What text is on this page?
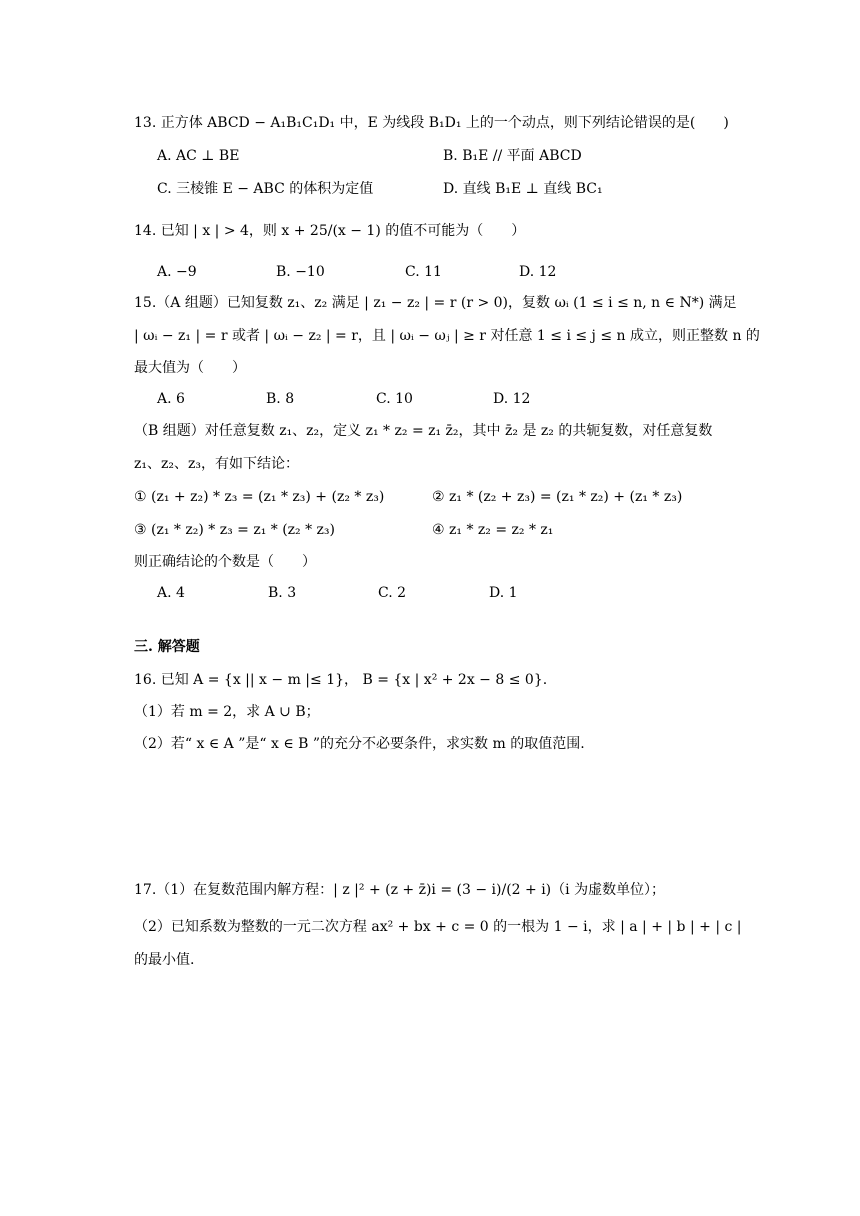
13. 正方体 ABCD − A₁B₁C₁D₁ 中，E 为线段 B₁D₁ 上的一个动点，则下列结论错误的是(　　)
A. AC ⊥ BE	B. B₁E // 平面 ABCD
C. 三棱锥 E − ABC 的体积为定值	D. 直线 B₁E ⊥ 直线 BC₁
14. 已知 | x | > 4，则 x + 25/(x − 1) 的值不可能为（　　）
A. −9	B. −10	C. 11	D. 12
15.（A 组题）已知复数 z₁、z₂ 满足 | z₁ − z₂ | = r (r > 0)，复数 ωᵢ (1 ≤ i ≤ n, n ∈ N*) 满足
| ωᵢ − z₁ | = r 或者 | ωᵢ − z₂ | = r，且 | ωᵢ − ωⱼ | ≥ r 对任意 1 ≤ i ≤ j ≤ n 成立，则正整数 n 的
最大值为（　　）
A. 6	B. 8	C. 10	D. 12
（B 组题）对任意复数 z₁、z₂，定义 z₁ * z₂ = z₁ z̄₂，其中 z̄₂ 是 z₂ 的共轭复数，对任意复数
z₁、z₂、z₃，有如下结论：
① (z₁ + z₂) * z₃ = (z₁ * z₃) + (z₂ * z₃)	② z₁ * (z₂ + z₃) = (z₁ * z₂) + (z₁ * z₃)
③ (z₁ * z₂) * z₃ = z₁ * (z₂ * z₃)	④ z₁ * z₂ = z₂ * z₁
则正确结论的个数是（　　）
A. 4	B. 3	C. 2	D. 1
三. 解答题
16. 已知 A = {x || x − m |≤ 1}， B = {x | x² + 2x − 8 ≤ 0}.
（1）若 m = 2，求 A ∪ B；
（2）若“ x ∈ A ”是“ x ∈ B ”的充分不必要条件，求实数 m 的取值范围.
17.（1）在复数范围内解方程：| z |² + (z + z̄)i = (3 − i)/(2 + i)（i 为虚数单位）；
（2）已知系数为整数的一元二次方程 ax² + bx + c = 0 的一根为 1 − i，求 | a | + | b | + | c |
的最小值.
